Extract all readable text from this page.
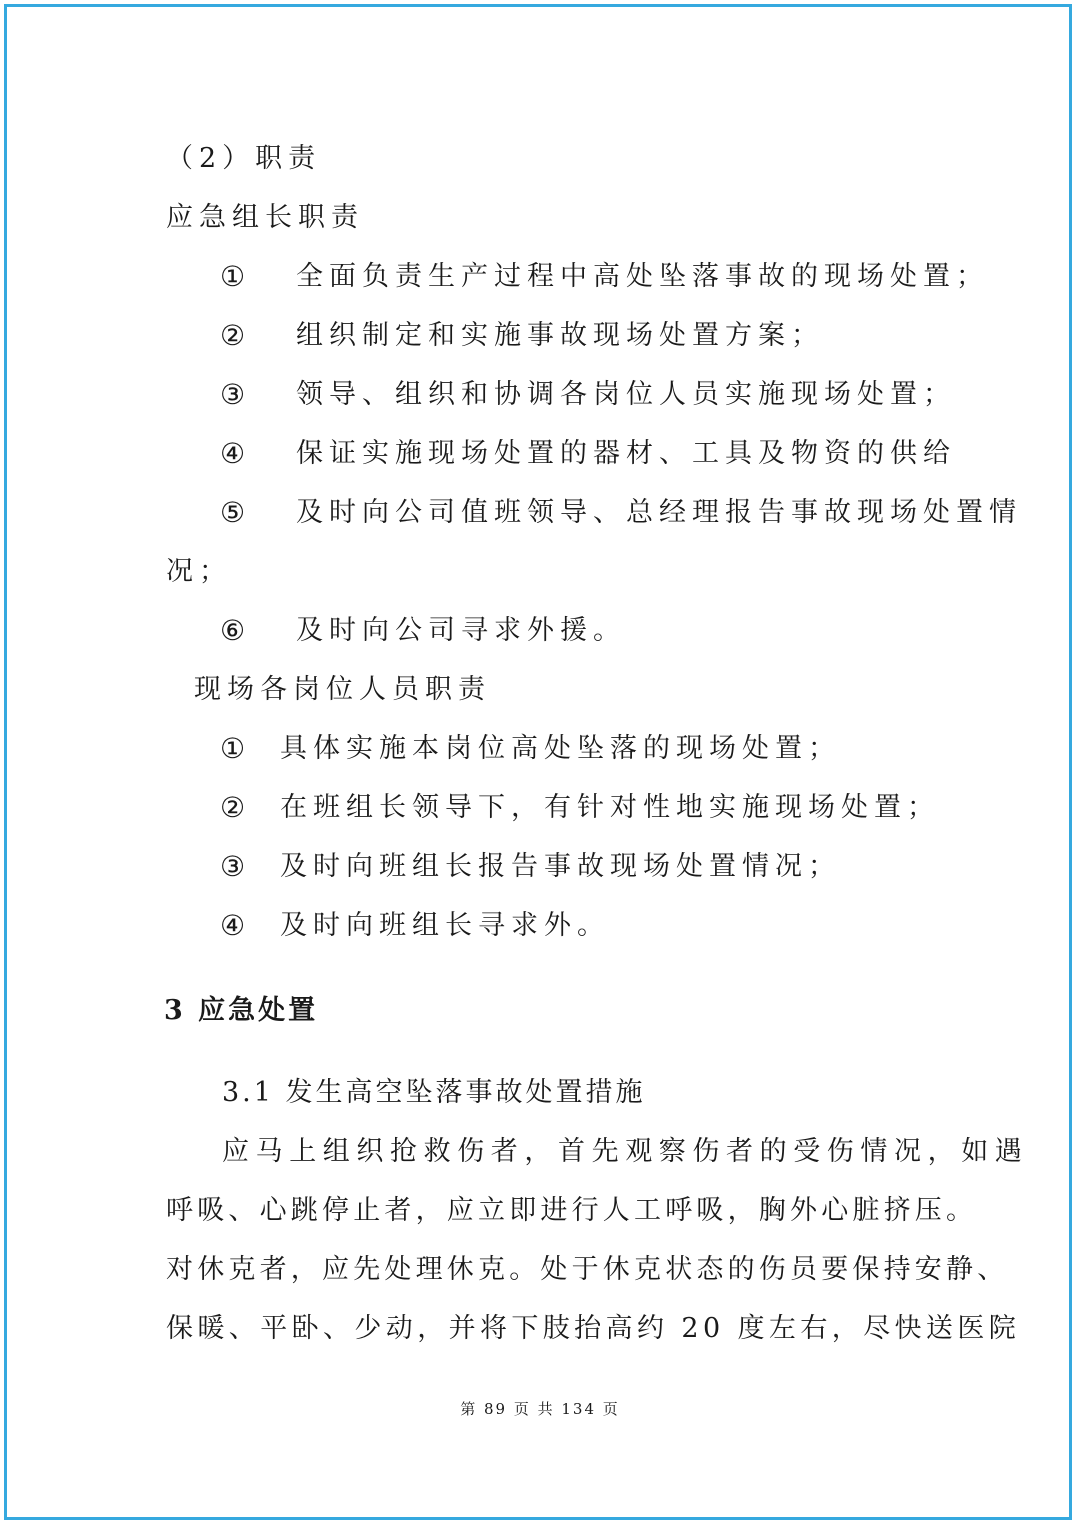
（2）职责
应急组长职责
① 全面负责生产过程中高处坠落事故的现场处置；
② 组织制定和实施事故现场处置方案；
③ 领导、组织和协调各岗位人员实施现场处置；
④ 保证实施现场处置的器材、工具及物资的供给
⑤ 及时向公司值班领导、总经理报告事故现场处置情
况；
⑥ 及时向公司寻求外援。
现场各岗位人员职责
① 具体实施本岗位高处坠落的现场处置；
② 在班组长领导下，有针对性地实施现场处置；
③ 及时向班组长报告事故现场处置情况；
④ 及时向班组长寻求外。
3 应急处置
3.1 发生高空坠落事故处置措施
应马上组织抢救伤者，首先观察伤者的受伤情况，如遇
呼吸、心跳停止者，应立即进行人工呼吸，胸外心脏挤压。
对休克者，应先处理休克。处于休克状态的伤员要保持安静、
保暖、平卧、少动，并将下肢抬高约 20 度左右，尽快送医院
第 89 页 共 134 页
